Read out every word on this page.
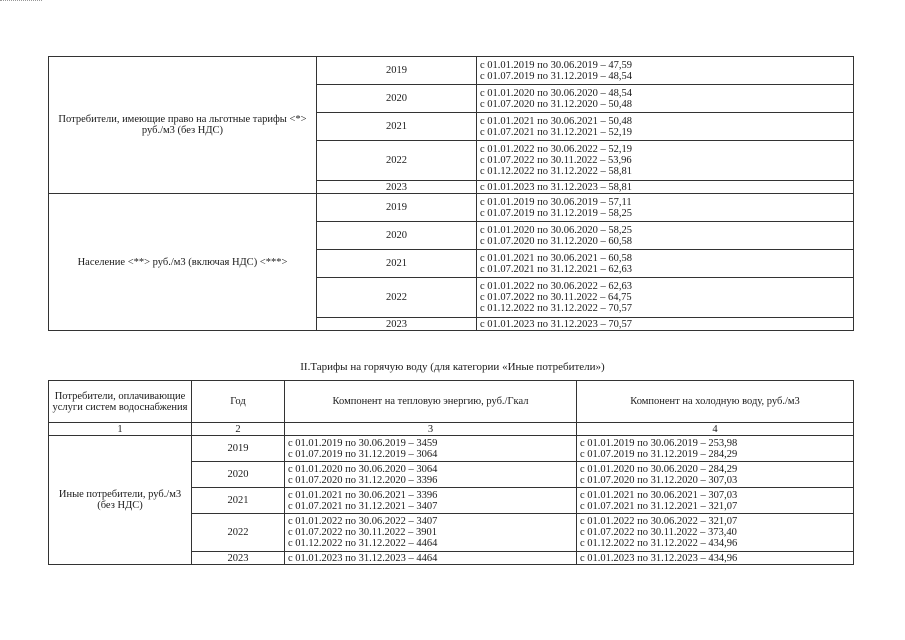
Потребители, имеющие право на льготные тарифы <*> руб./м3 (без НДС)	2019	с 01.01.2019 по 30.06.2019 – 47,59
с 01.07.2019 по 31.12.2019 – 48,54

	2020	с 01.01.2020 по 30.06.2020 – 48,54
с 01.07.2020 по 31.12.2020 – 50,48

	2021	с 01.01.2021 по 30.06.2021 – 50,48
с 01.07.2021 по 31.12.2021 – 52,19

	2022	с 01.01.2022 по 30.06.2022 – 52,19
с 01.07.2022 по 30.11.2022 – 53,96
с 01.12.2022 по 31.12.2022 – 58,81

	2023	с 01.01.2023 по 31.12.2023 – 58,81

Население <**> руб./м3 (включая НДС) <***>	2019	с 01.01.2019 по 30.06.2019 – 57,11
с 01.07.2019 по 31.12.2019 – 58,25

	2020	с 01.01.2020 по 30.06.2020 – 58,25
с 01.07.2020 по 31.12.2020 – 60,58

	2021	с 01.01.2021 по 30.06.2021 – 60,58
с 01.07.2021 по 31.12.2021 – 62,63

	2022	с 01.01.2022 по 30.06.2022 – 62,63
с 01.07.2022 по 30.11.2022 – 64,75
с 01.12.2022 по 31.12.2022 – 70,57

	2023	с 01.01.2023 по 31.12.2023 – 70,57
II.Тарифы на горячую воду (для категории «Иные потребители»)
Потребители, оплачивающие услуги систем водоснабжения	Год	Компонент на тепловую энергию, руб./Гкал	Компонент на холодную воду, руб./м3
1	2	3	4
Иные потребители, руб./м3 (без НДС)	2019	с 01.01.2019 по 30.06.2019 – 3459
с 01.07.2019 по 31.12.2019 – 3064	с 01.01.2019 по 30.06.2019 – 253,98
с 01.07.2019 по 31.12.2019 – 284,29

	2020	с 01.01.2020 по 30.06.2020 – 3064
с 01.07.2020 по 31.12.2020 – 3396	с 01.01.2020 по 30.06.2020 – 284,29
с 01.07.2020 по 31.12.2020 – 307,03

	2021	с 01.01.2021 по 30.06.2021 – 3396
с 01.07.2021 по 31.12.2021 – 3407	с 01.01.2021 по 30.06.2021 – 307,03
с 01.07.2021 по 31.12.2021 – 321,07

	2022	с 01.01.2022 по 30.06.2022 – 3407
с 01.07.2022 по 30.11.2022 – 3901
с 01.12.2022 по 31.12.2022 – 4464	с 01.01.2022 по 30.06.2022 – 321,07
с 01.07.2022 по 30.11.2022 – 373,40
с 01.12.2022 по 31.12.2022 – 434,96

	2023	с 01.01.2023 по 31.12.2023 – 4464	с 01.01.2023 по 31.12.2023 – 434,96
